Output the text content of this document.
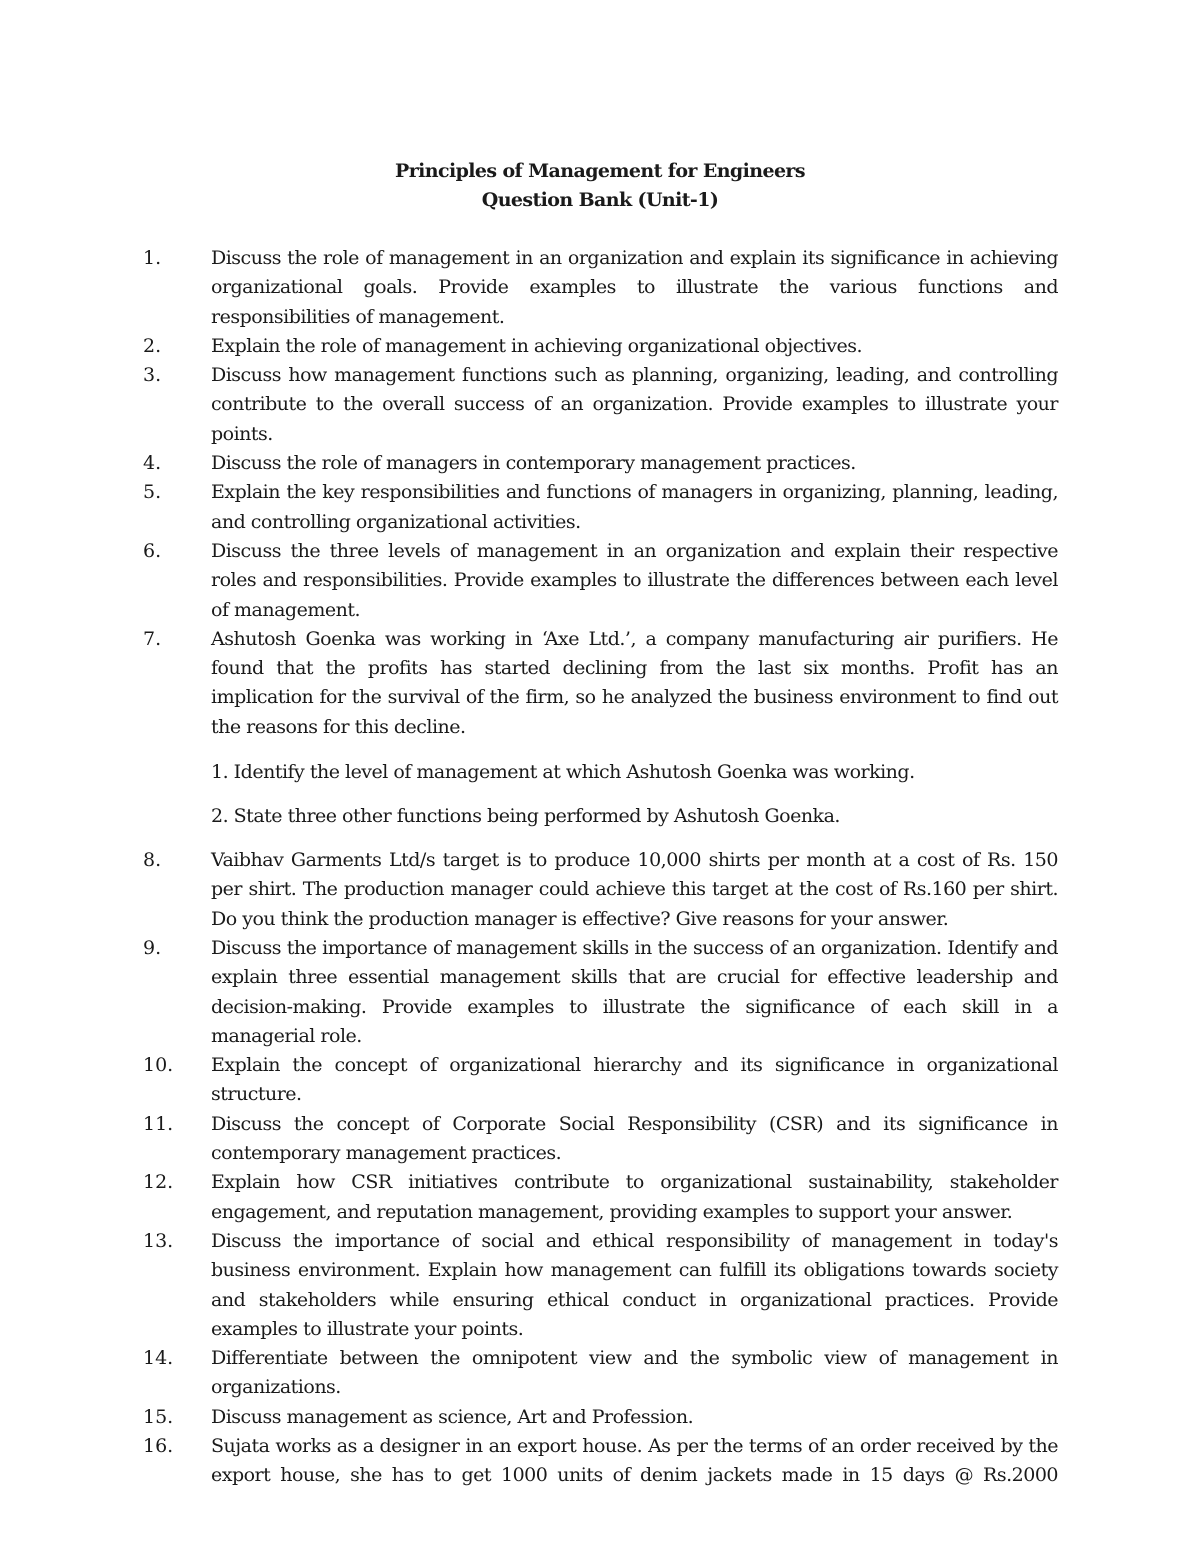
Principles of Management for Engineers
Question Bank (Unit-1)
1.	Discuss the role of management in an organization and explain its significance in achieving organizational goals. Provide examples to illustrate the various functions and responsibilities of management.
2.	Explain the role of management in achieving organizational objectives.
3.	Discuss how management functions such as planning, organizing, leading, and controlling contribute to the overall success of an organization. Provide examples to illustrate your points.
4.	Discuss the role of managers in contemporary management practices.
5.	Explain the key responsibilities and functions of managers in organizing, planning, leading, and controlling organizational activities.
6.	Discuss the three levels of management in an organization and explain their respective roles and responsibilities. Provide examples to illustrate the differences between each level of management.
7.	Ashutosh Goenka was working in ‘Axe Ltd.’, a company manufacturing air purifiers. He found that the profits has started declining from the last six months. Profit has an implication for the survival of the firm, so he analyzed the business environment to find out the reasons for this decline.
1. Identify the level of management at which Ashutosh Goenka was working.
2. State three other functions being performed by Ashutosh Goenka.
8.	Vaibhav Garments Ltd/s target is to produce 10,000 shirts per month at a cost of Rs. 150 per shirt. The production manager could achieve this target at the cost of Rs.160 per shirt. Do you think the production manager is effective? Give reasons for your answer.
9.	Discuss the importance of management skills in the success of an organization. Identify and explain three essential management skills that are crucial for effective leadership and decision-making. Provide examples to illustrate the significance of each skill in a managerial role.
10.	Explain the concept of organizational hierarchy and its significance in organizational structure.
11.	Discuss the concept of Corporate Social Responsibility (CSR) and its significance in contemporary management practices.
12.	Explain how CSR initiatives contribute to organizational sustainability, stakeholder engagement, and reputation management, providing examples to support your answer.
13.	Discuss the importance of social and ethical responsibility of management in today's business environment. Explain how management can fulfill its obligations towards society and stakeholders while ensuring ethical conduct in organizational practices. Provide examples to illustrate your points.
14.	Differentiate between the omnipotent view and the symbolic view of management in organizations.
15.	Discuss management as science, Art and Profession.
16.	Sujata works as a designer in an export house. As per the terms of an order received by the export house, she has to get 1000 units of denim jackets made in 15 days @ Rs.2000
